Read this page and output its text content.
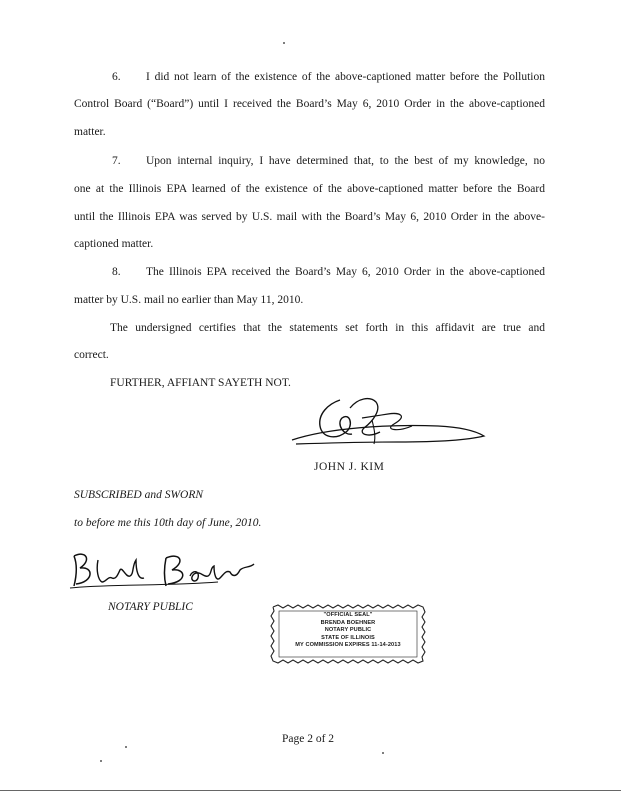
6. I did not learn of the existence of the above-captioned matter before the Pollution
Control Board (“Board”) until I received the Board’s May 6, 2010 Order in the above-captioned
matter.
7. Upon internal inquiry, I have determined that, to the best of my knowledge, no
one at the Illinois EPA learned of the existence of the above-captioned matter before the Board
until the Illinois EPA was served by U.S. mail with the Board’s May 6, 2010 Order in the above-
captioned matter.
8. The Illinois EPA received the Board’s May 6, 2010 Order in the above-captioned
matter by U.S. mail no earlier than May 11, 2010.
The undersigned certifies that the statements set forth in this affidavit are true and
correct.
FURTHER, AFFIANT SAYETH NOT.
JOHN J. KIM
SUBSCRIBED and SWORN
to before me this 10th day of June, 2010.
NOTARY PUBLIC
"OFFICIAL SEAL"
BRENDA BOEHNER
NOTARY PUBLIC
STATE OF ILLINOIS
MY COMMISSION EXPIRES 11-14-2013
Page 2 of 2
